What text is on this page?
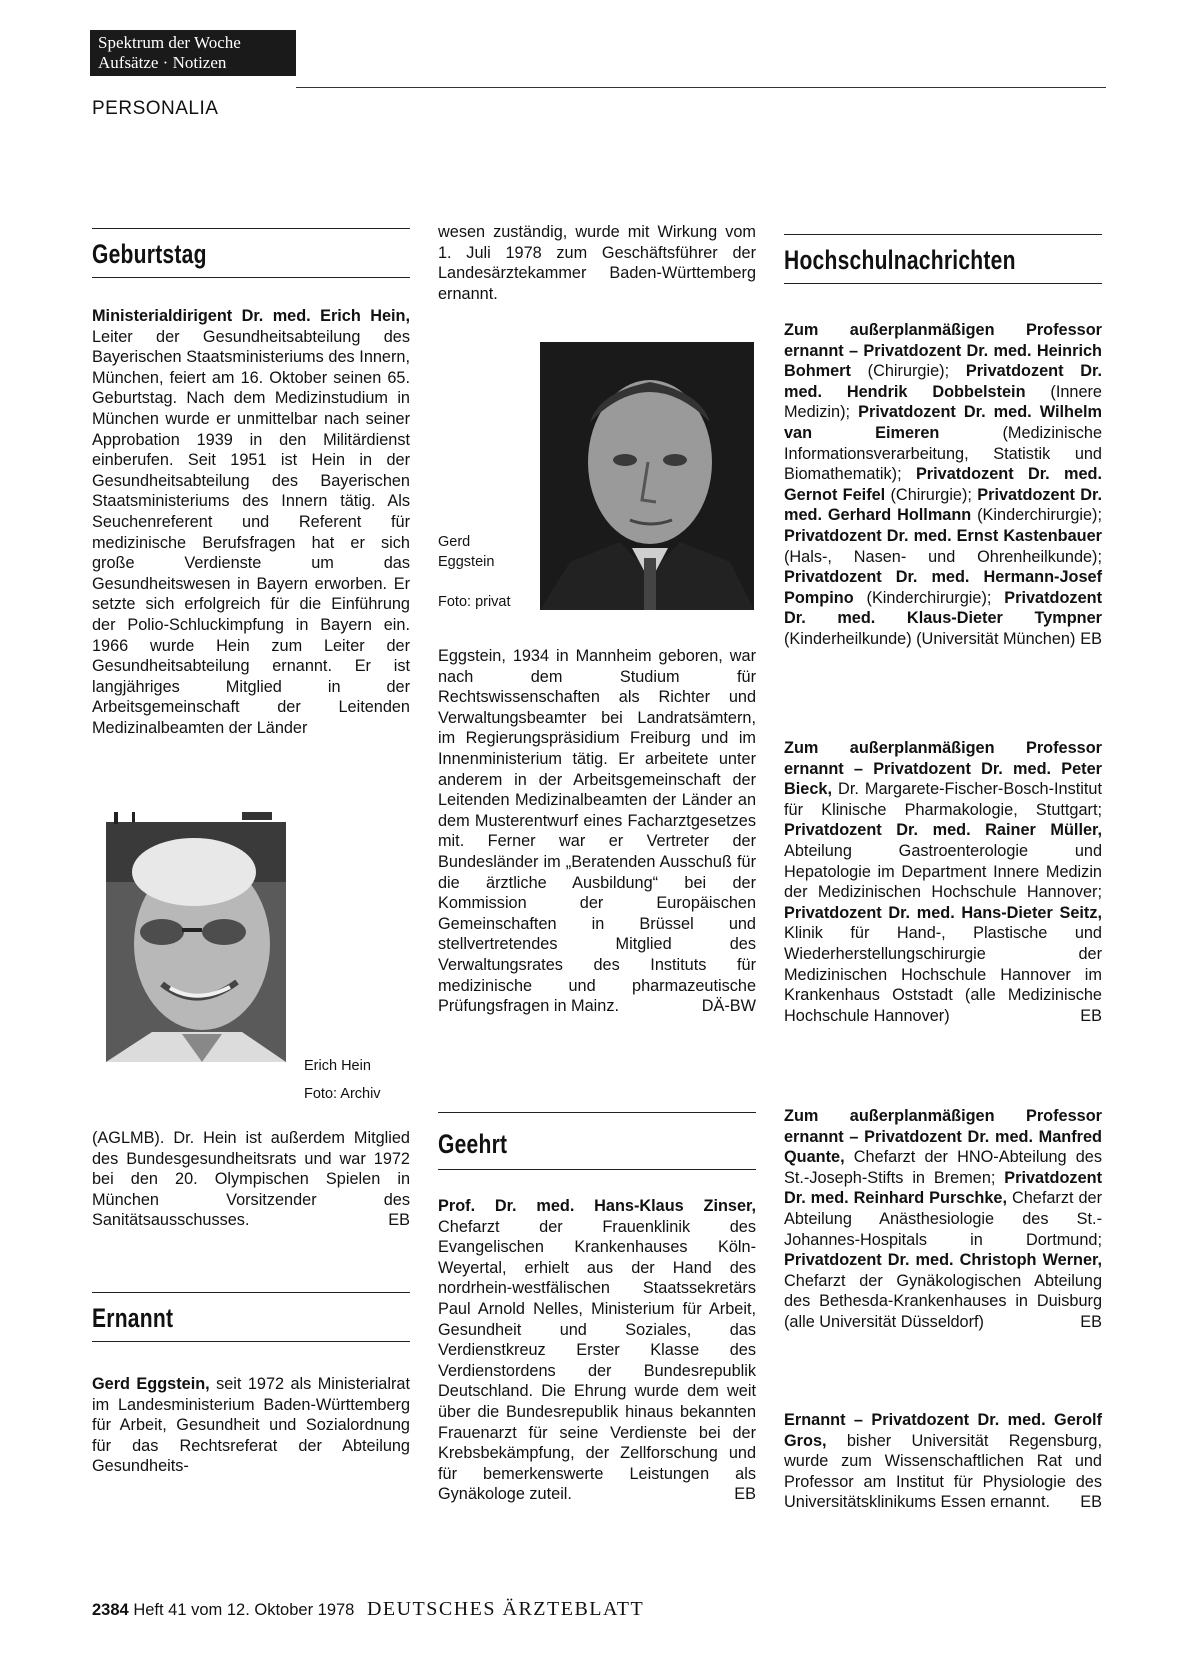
Spektrum der Woche
Aufsätze · Notizen
PERSONALIA
Geburtstag

Ministerialdirigent Dr. med. Erich Hein, Leiter der Gesundheitsabteilung des Bayerischen Staatsministeriums des Innern, München, feiert am 16. Oktober seinen 65. Geburtstag. Nach dem Medizinstudium in München wurde er unmittelbar nach seiner Approbation 1939 in den Militärdienst einberufen. Seit 1951 ist Hein in der Gesundheitsabteilung des Bayerischen Staatsministeriums des Innern tätig. Als Seuchenreferent und Referent für medizinische Berufsfragen hat er sich große Verdienste um das Gesundheitswesen in Bayern erworben. Er setzte sich erfolgreich für die Einführung der Polio-Schluckimpfung in Bayern ein. 1966 wurde Hein zum Leiter der Gesundheitsabteilung ernannt. Er ist langjähriges Mitglied in der Arbeitsgemeinschaft der Leitenden Medizinalbeamten der Länder

Erich Hein
Foto: Archiv

(AGLMB). Dr. Hein ist außerdem Mitglied des Bundesgesundheitsrats und war 1972 bei den 20. Olympischen Spielen in München Vorsitzender des Sanitätsausschusses.	EB

Ernannt

Gerd Eggstein, seit 1972 als Ministerialrat im Landesministerium Baden-Württemberg für Arbeit, Gesundheit und Sozialordnung für das Rechtsreferat der Abteilung Gesundheits-

wesen zuständig, wurde mit Wirkung vom 1. Juli 1978 zum Geschäftsführer der Landesärztekammer Baden-Württemberg ernannt.

Gerd
Eggstein
Foto: privat

Eggstein, 1934 in Mannheim geboren, war nach dem Studium für Rechtswissenschaften als Richter und Verwaltungsbeamter bei Landratsämtern, im Regierungspräsidium Freiburg und im Innenministerium tätig. Er arbeitete unter anderem in der Arbeitsgemeinschaft der Leitenden Medizinalbeamten der Länder an dem Musterentwurf eines Facharztgesetzes mit. Ferner war er Vertreter der Bundesländer im „Beratenden Ausschuß für die ärztliche Ausbildung“ bei der Kommission der Europäischen Gemeinschaften in Brüssel und stellvertretendes Mitglied des Verwaltungsrates des Instituts für medizinische und pharmazeutische Prüfungsfragen in Mainz.	DÄ-BW

Geehrt

Prof. Dr. med. Hans-Klaus Zinser, Chefarzt der Frauenklinik des Evangelischen Krankenhauses Köln-Weyertal, erhielt aus der Hand des nordrhein-westfälischen Staatssekretärs Paul Arnold Nelles, Ministerium für Arbeit, Gesundheit und Soziales, das Verdienstkreuz Erster Klasse des Verdienstordens der Bundesrepublik Deutschland. Die Ehrung wurde dem weit über die Bundesrepublik hinaus bekannten Frauenarzt für seine Verdienste bei der Krebsbekämpfung, der Zellforschung und für bemerkenswerte Leistungen als Gynäkologe zuteil.	EB

Hochschulnachrichten

Zum außerplanmäßigen Professor ernannt – Privatdozent Dr. med. Heinrich Bohmert (Chirurgie); Privatdozent Dr. med. Hendrik Dobbelstein (Innere Medizin); Privatdozent Dr. med. Wilhelm van Eimeren (Medizinische Informationsverarbeitung, Statistik und Biomathematik); Privatdozent Dr. med. Gernot Feifel (Chirurgie); Privatdozent Dr. med. Gerhard Hollmann (Kinderchirurgie); Privatdozent Dr. med. Ernst Kastenbauer (Hals-, Nasen- und Ohrenheilkunde); Privatdozent Dr. med. Hermann-Josef Pompino (Kinderchirurgie); Privatdozent Dr. med. Klaus-Dieter Tympner (Kinderheilkunde) (Universität München) EB

Zum außerplanmäßigen Professor ernannt – Privatdozent Dr. med. Peter Bieck, Dr. Margarete-Fischer-Bosch-Institut für Klinische Pharmakologie, Stuttgart; Privatdozent Dr. med. Rainer Müller, Abteilung Gastroenterologie und Hepatologie im Department Innere Medizin der Medizinischen Hochschule Hannover; Privatdozent Dr. med. Hans-Dieter Seitz, Klinik für Hand-, Plastische und Wiederherstellungschirurgie der Medizinischen Hochschule Hannover im Krankenhaus Oststadt (alle Medizinische Hochschule Hannover)	EB

Zum außerplanmäßigen Professor ernannt – Privatdozent Dr. med. Manfred Quante, Chefarzt der HNO-Abteilung des St.-Joseph-Stifts in Bremen; Privatdozent Dr. med. Reinhard Purschke, Chefarzt der Abteilung Anästhesiologie des St.-Johannes-Hospitals in Dortmund; Privatdozent Dr. med. Christoph Werner, Chefarzt der Gynäkologischen Abteilung des Bethesda-Krankenhauses in Duisburg (alle Universität Düsseldorf)	EB

Ernannt – Privatdozent Dr. med. Gerolf Gros, bisher Universität Regensburg, wurde zum Wissenschaftlichen Rat und Professor am Institut für Physiologie des Universitätsklinikums Essen ernannt. EB

2384 Heft 41 vom 12. Oktober 1978 DEUTSCHES ÄRZTEBLATT
